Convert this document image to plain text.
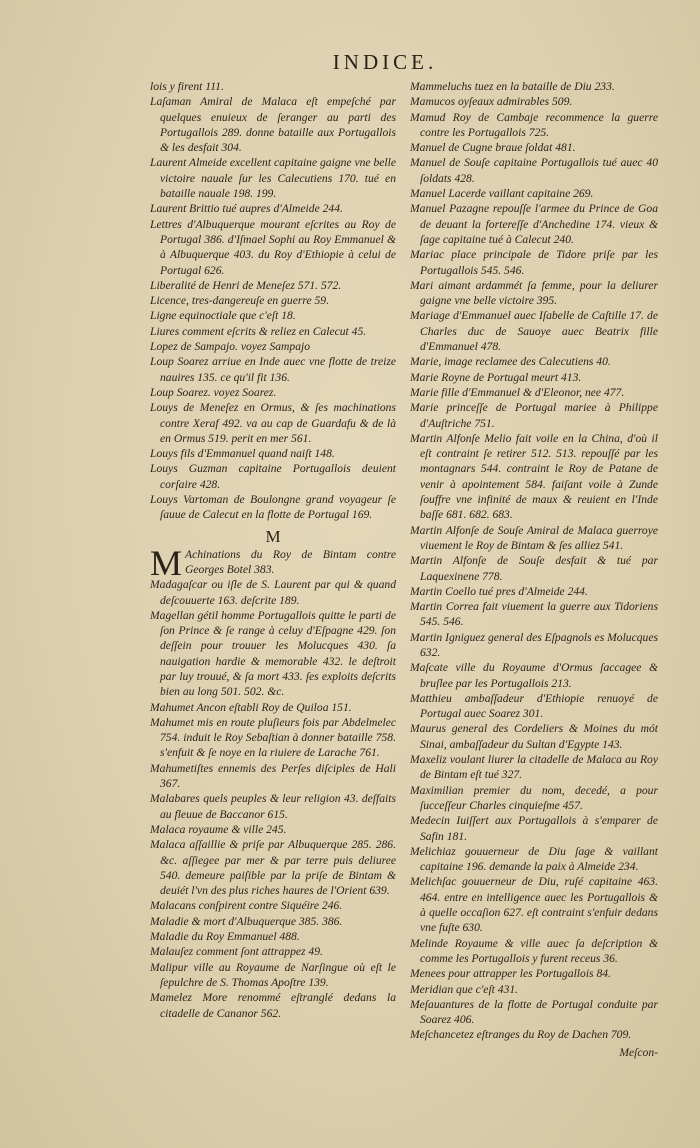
INDICE.

lois y firent 111.

Laſaman Amiral de Malaca eſt empeſché par quelques enuieux de ſeranger au parti des Portugallois 289. donne bataille aux Portugallois & les desfait 304.

Laurent Almeide excellent capitaine gaigne vne belle victoire nauale ſur les Calecutiens 170. tué en bataille nauale 198. 199.

Laurent Brittio tué aupres d'Almeide 244.

Lettres d'Albuquerque mourant eſcrites au Roy de Portugal 386. d'Iſmael Sophi au Roy Emmanuel & à Albuquerque 403. du Roy d'Ethiopie à celui de Portugal 626.

Liberalité de Henri de Meneſez 571. 572.

Licence, tres-dangereuſe en guerre 59.

Ligne equinoctiale que c'eſt 18.

Liures comment eſcrits & reliez en Calecut 45.

Lopez de Sampajo. voyez Sampajo

Loup Soarez arriue en Inde auec vne flotte de treize nauires 135. ce qu'il fit 136.

Loup Soarez. voyez Soarez.

Louys de Meneſez en Ormus, & ſes machinations contre Xeraf 492. va au cap de Guardafu & de là en Ormus 519. perit en mer 561.

Louys fils d'Emmanuel quand naiſt 148.

Louys Guzman capitaine Portugallois deuient corſaire 428.

Louys Vartoman de Boulongne grand voyageur ſe ſauue de Calecut en la flotte de Portugal 169.

M

M Achinations du Roy de Bintam contre Georges Botel 383.

Madagaſcar ou iſle de S. Laurent par qui & quand deſcouuerte 163. deſcrite 189.

Magellan gétil homme Portugallois quitte le parti de ſon Prince & ſe range à celuy d'Eſpagne 429. ſon deſſein pour trouuer les Molucques 430. ſa nauigation hardie & memorable 432. le deſtroit par luy trouué, & ſa mort 433. ſes exploits deſcrits bien au long 501. 502. &c.

Mahumet Ancon eſtabli Roy de Quiloa 151.

Mahumet mis en route pluſieurs fois par Abdelmelec 754. induit le Roy Sebaſtian à donner bataille 758. s'enfuit & ſe noye en la riuiere de Larache 761.

Mahumetiſtes ennemis des Perſes diſciples de Hali 367.

Malabares quels peuples & leur religion 43. deſfaits au fleuue de Baccanor 615.

Malaca royaume & ville 245.

Malaca aſſaillie & priſe par Albuquerque 285. 286. &c. aſſiegee par mer & par terre puis deliuree 540. demeure paiſible par la priſe de Bintam & deuiét l'vn des plus riches haures de l'Orient 639.

Malacans conſpirent contre Siquéire 246.

Maladie & mort d'Albuquerque 385. 386.

Maladie du Roy Emmanuel 488.

Malauſez comment ſont attrappez 49.

Malipur ville au Royaume de Narſingue où eſt le ſepulchre de S. Thomas Apoſtre 139.

Mamelez More renommé eſtranglé dedans la citadelle de Cananor 562.

Mammeluchs tuez en la bataille de Diu 233.

Mamucos oyſeaux admirables 509.

Mamud Roy de Cambaje recommence la guerre contre les Portugallois 725.

Manuel de Cugne braue ſoldat 481.

Manuel de Souſe capitaine Portugallois tué auec 40 ſoldats 428.

Manuel Lacerde vaillant capitaine 269.

Manuel Pazagne repouſſe l'armee du Prince de Goa de deuant la fortereſſe d'Anchedine 174. vieux & ſage capitaine tué à Calecut 240.

Mariac place principale de Tidore priſe par les Portugallois 545. 546.

Mari aimant ardammét ſa femme, pour la deliurer gaigne vne belle victoire 395.

Mariage d'Emmanuel auec Iſabelle de Caſtille 17. de Charles duc de Sauoye auec Beatrix fille d'Emmanuel 478.

Marie, image reclamee des Calecutiens 40.

Marie Royne de Portugal meurt 413.

Marie fille d'Emmanuel & d'Eleonor, nee 477.

Marie princeſſe de Portugal mariee à Philippe d'Auſtriche 751.

Martin Alfonſe Melio fait voile en la China, d'où il eſt contraint ſe retirer 512. 513. repouſſé par les montagnars 544. contraint le Roy de Patane de venir à apointement 584. faiſant voile à Zunde ſouffre vne infinité de maux & reuient en l'Inde baſſe 681. 682. 683.

Martin Alfonſe de Souſe Amiral de Malaca guerroye viuement le Roy de Bintam & ſes alliez 541.

Martin Alfonſe de Souſe desfait & tué par Laquexinene 778.

Martin Coello tué pres d'Almeide 244.

Martin Correa fait viuement la guerre aux Tidoriens 545. 546.

Martin Igniguez general des Eſpagnols es Molucques 632.

Maſcate ville du Royaume d'Ormus ſaccagee & bruſlee par les Portugallois 213.

Matthieu ambaſſadeur d'Ethiopie renuoyé de Portugal auec Soarez 301.

Maurus general des Cordeliers & Moines du mót Sinai, ambaſſadeur du Sultan d'Egypte 143.

Maxeliz voulant liurer la citadelle de Malaca au Roy de Bintam eſt tué 327.

Maximilian premier du nom, decedé, a pour ſucceſſeur Charles cinquieſme 457.

Medecin Iuiſſert aux Portugallois à s'emparer de Safin 181.

Melichiaz gouuerneur de Diu ſage & vaillant capitaine 196. demande la paix à Almeide 234.

Melichſac gouuerneur de Diu, ruſé capitaine 463. 464. entre en intelligence auec les Portugallois & à quelle occaſion 627. eſt contraint s'enfuir dedans vne fuſte 630.

Melinde Royaume & ville auec ſa deſcription & comme les Portugallois y furent receus 36.

Menees pour attrapper les Portugallois 84.

Meridian que c'eſt 431.

Meſauantures de la flotte de Portugal conduite par Soarez 406.

Meſchancetez eſtranges du Roy de Dachen 709.

Meſcon-
